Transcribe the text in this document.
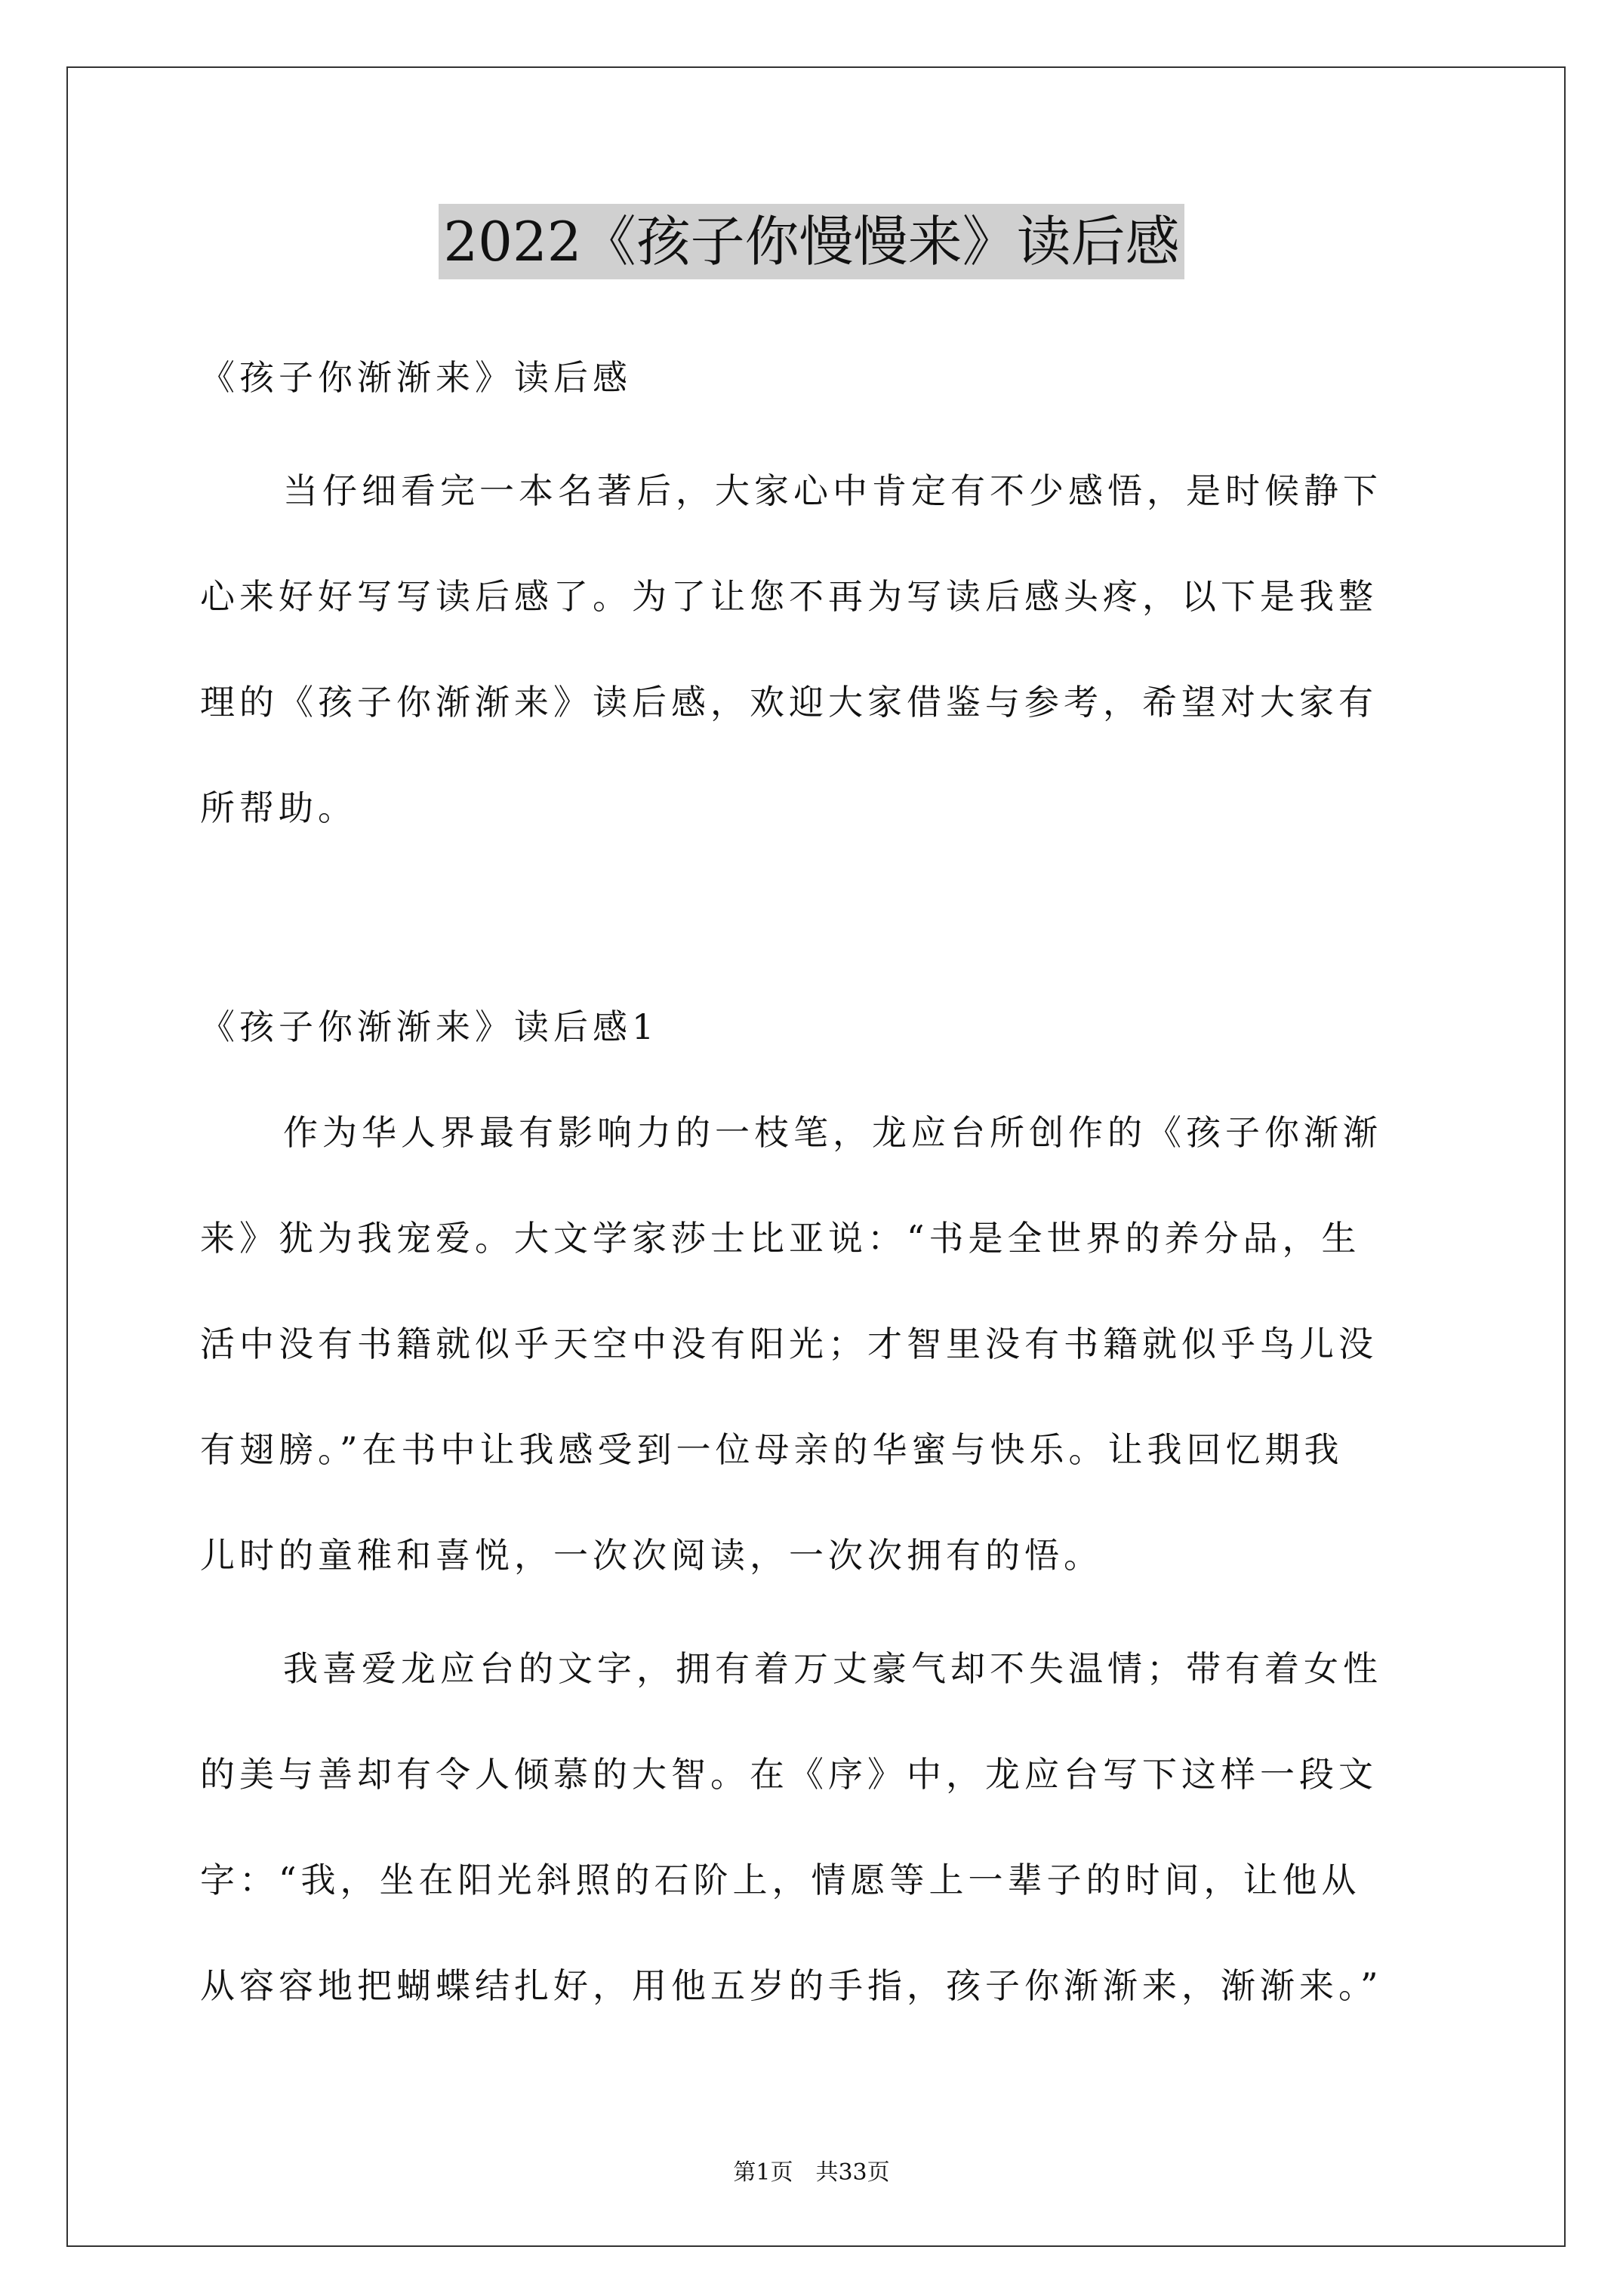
2022《孩子你慢慢来》读后感
《孩子你渐渐来》读后感
当仔细看完一本名著后，大家心中肯定有不少感悟，是时候静下
心来好好写写读后感了。为了让您不再为写读后感头疼，以下是我整
理的《孩子你渐渐来》读后感，欢迎大家借鉴与参考，希望对大家有
所帮助。
《孩子你渐渐来》读后感1
作为华人界最有影响力的一枝笔，龙应台所创作的《孩子你渐渐
来》犹为我宠爱。大文学家莎士比亚说：“书是全世界的养分品，生
活中没有书籍就似乎天空中没有阳光；才智里没有书籍就似乎鸟儿没
有翅膀。”在书中让我感受到一位母亲的华蜜与快乐。让我回忆期我
儿时的童稚和喜悦，一次次阅读，一次次拥有的悟。
我喜爱龙应台的文字，拥有着万丈豪气却不失温情；带有着女性
的美与善却有令人倾慕的大智。在《序》中，龙应台写下这样一段文
字：“我，坐在阳光斜照的石阶上，情愿等上一辈子的时间，让他从
从容容地把蝴蝶结扎好，用他五岁的手指，孩子你渐渐来，渐渐来。”
第1页　共33页
